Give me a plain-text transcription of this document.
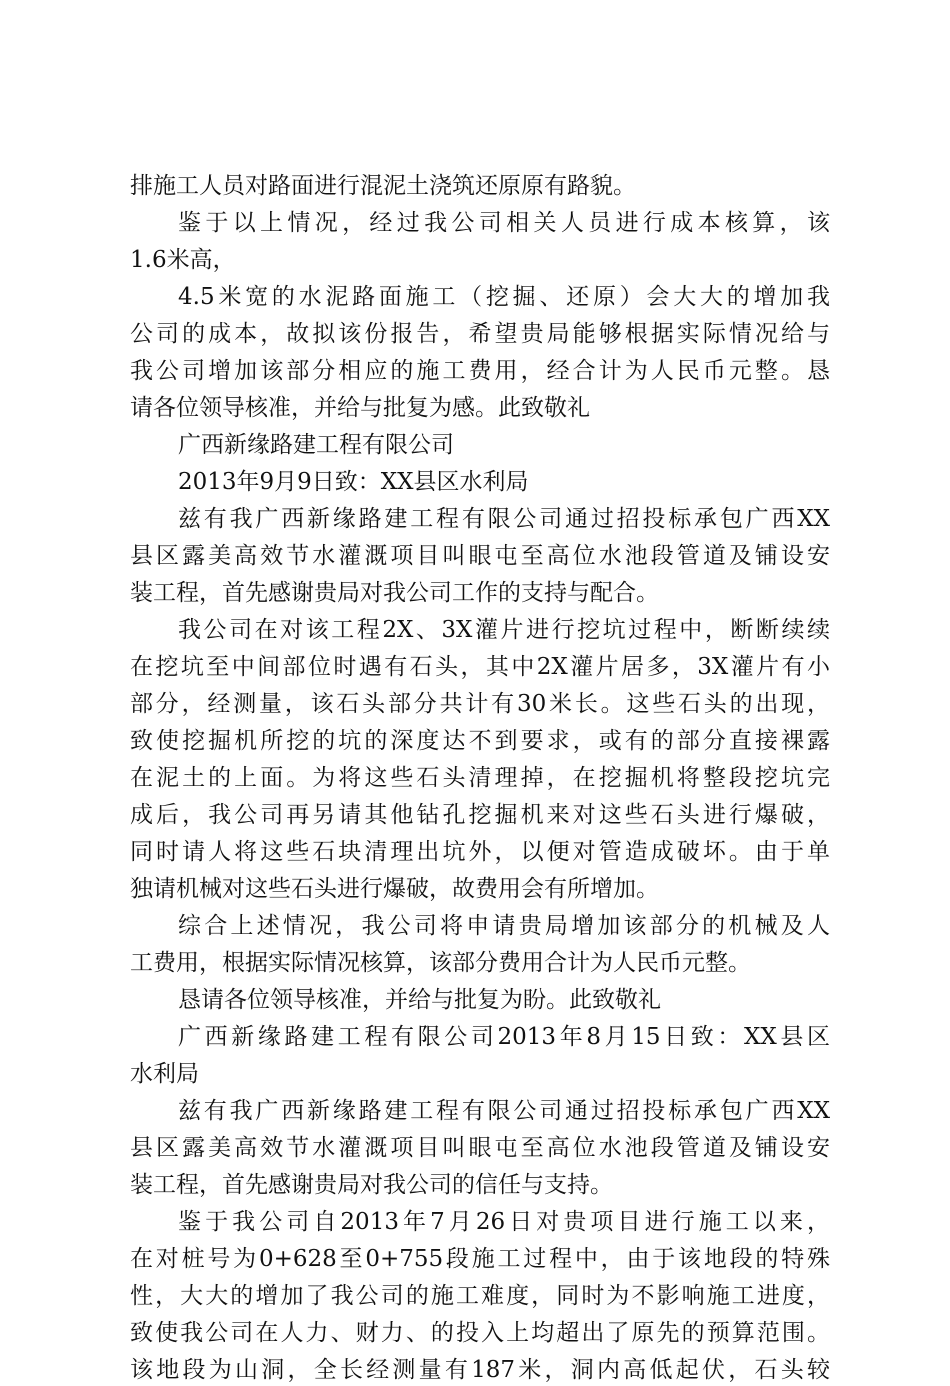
排施工人员对路面进行混泥土浇筑还原原有路貌。
鉴于以上情况，经过我公司相关人员进行成本核算，该
1.6米高，
4.5米宽的水泥路面施工（挖掘、还原）会大大的增加我
公司的成本，故拟该份报告，希望贵局能够根据实际情况给与
我公司增加该部分相应的施工费用，经合计为人民币元整。恳
请各位领导核准，并给与批复为感。此致敬礼
广西新缘路建工程有限公司
2013年9月9日致：XX县区水利局
兹有我广西新缘路建工程有限公司通过招投标承包广西XX
县区露美高效节水灌溉项目叫眼屯至高位水池段管道及铺设安
装工程，首先感谢贵局对我公司工作的支持与配合。
我公司在对该工程2X、3X灌片进行挖坑过程中，断断续续
在挖坑至中间部位时遇有石头，其中2X灌片居多，3X灌片有小
部分，经测量，该石头部分共计有30米长。这些石头的出现，
致使挖掘机所挖的坑的深度达不到要求，或有的部分直接裸露
在泥土的上面。为将这些石头清理掉，在挖掘机将整段挖坑完
成后，我公司再另请其他钻孔挖掘机来对这些石头进行爆破，
同时请人将这些石块清理出坑外，以便对管造成破坏。由于单
独请机械对这些石头进行爆破，故费用会有所增加。
综合上述情况，我公司将申请贵局增加该部分的机械及人
工费用，根据实际情况核算，该部分费用合计为人民币元整。
恳请各位领导核准，并给与批复为盼。此致敬礼
广西新缘路建工程有限公司2013年8月15日致：XX县区
水利局
兹有我广西新缘路建工程有限公司通过招投标承包广西XX
县区露美高效节水灌溉项目叫眼屯至高位水池段管道及铺设安
装工程，首先感谢贵局对我公司的信任与支持。
鉴于我公司自2013年7月26日对贵项目进行施工以来，
在对桩号为0+628至0+755段施工过程中，由于该地段的特殊
性，大大的增加了我公司的施工难度，同时为不影响施工进度，
致使我公司在人力、财力、的投入上均超出了原先的预算范围。
该地段为山洞，全长经测量有187米，洞内高低起伏，石头较
